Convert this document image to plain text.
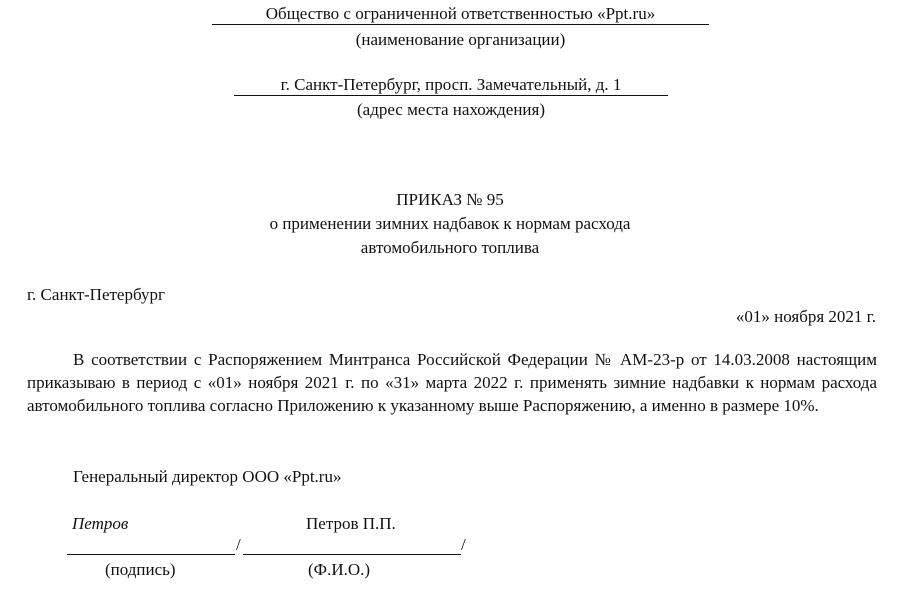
Общество с ограниченной ответственностью «Ppt.ru»
(наименование организации)
г. Санкт-Петербург, просп. Замечательный, д. 1
(адрес места нахождения)
ПРИКАЗ № 95
о применении зимних надбавок к нормам расхода
автомобильного топлива
г. Санкт-Петербург
«01» ноября 2021 г.

В соответствии с Распоряжением Минтранса Российской Федерации № АМ-23-р от 14.03.2008 настоящим приказываю в период с «01» ноября 2021 г. по «31» марта 2022 г. применять зимние надбавки к нормам расхода автомобильного топлива согласно Приложению к указанному выше Распоряжению, а именно в размере 10%.

Генеральный директор ООО «Ppt.ru»
Петров	Петров П.П.
/	/
(подпись)	(Ф.И.О.)
